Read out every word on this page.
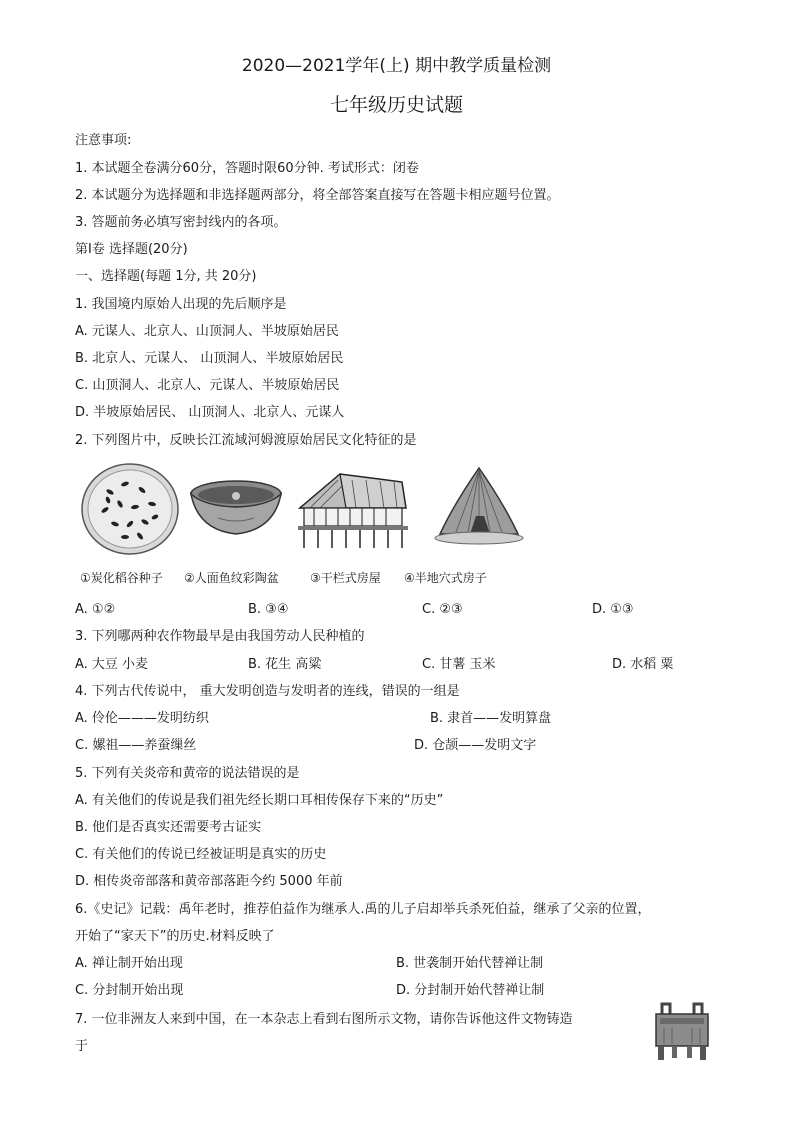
2020—2021学年(上) 期中教学质量检测
七年级历史试题
注意事项:
1. 本试题全卷满分60分，答题时限60分钟. 考试形式：闭卷
2. 本试题分为选择题和非选择题两部分，将全部答案直接写在答题卡相应题号位置。
3. 答题前务必填写密封线内的各项。
第Ⅰ卷 选择题(20分)
一、选择题(每题 1分, 共 20分)
1. 我国境内原始人出现的先后顺序是
A. 元谋人、北京人、山顶洞人、半坡原始居民
B. 北京人、元谋人、 山顶洞人、半坡原始居民
C. 山顶洞人、北京人、元谋人、半坡原始居民
D. 半坡原始居民、 山顶洞人、北京人、元谋人
2. 下列图片中，反映长江流域河姆渡原始居民文化特征的是
①炭化稻谷种子 ②人面鱼纹彩陶盆	③干栏式房屋 ④半地穴式房子
A. ①②	B. ③④	C. ②③	D. ①③
3. 下列哪两种农作物最早是由我国劳动人民种植的
A. 大豆 小麦	B. 花生 高粱	C. 甘薯 玉米	D. 水稻 粟
4. 下列古代传说中， 重大发明创造与发明者的连线，错误的一组是
A. 伶伦———发明纺织	B. 隶首——发明算盘
C. 嫘祖——养蚕缫丝	D. 仓颉——发明文字
5. 下列有关炎帝和黄帝的说法错误的是
A. 有关他们的传说是我们祖先经长期口耳相传保存下来的“历史”
B. 他们是否真实还需要考古证实
C. 有关他们的传说已经被证明是真实的历史
D. 相传炎帝部落和黄帝部落距今约 5000 年前
6.《史记》记载：禹年老时，推荐伯益作为继承人.禹的儿子启却举兵杀死伯益，继承了父亲的位置，
开始了“家天下”的历史.材料反映了
A. 禅让制开始出现	B. 世袭制开始代替禅让制
C. 分封制开始出现	D. 分封制开始代替禅让制
7. 一位非洲友人来到中国，在一本杂志上看到右图所示文物，请你告诉他这件文物铸造
于
